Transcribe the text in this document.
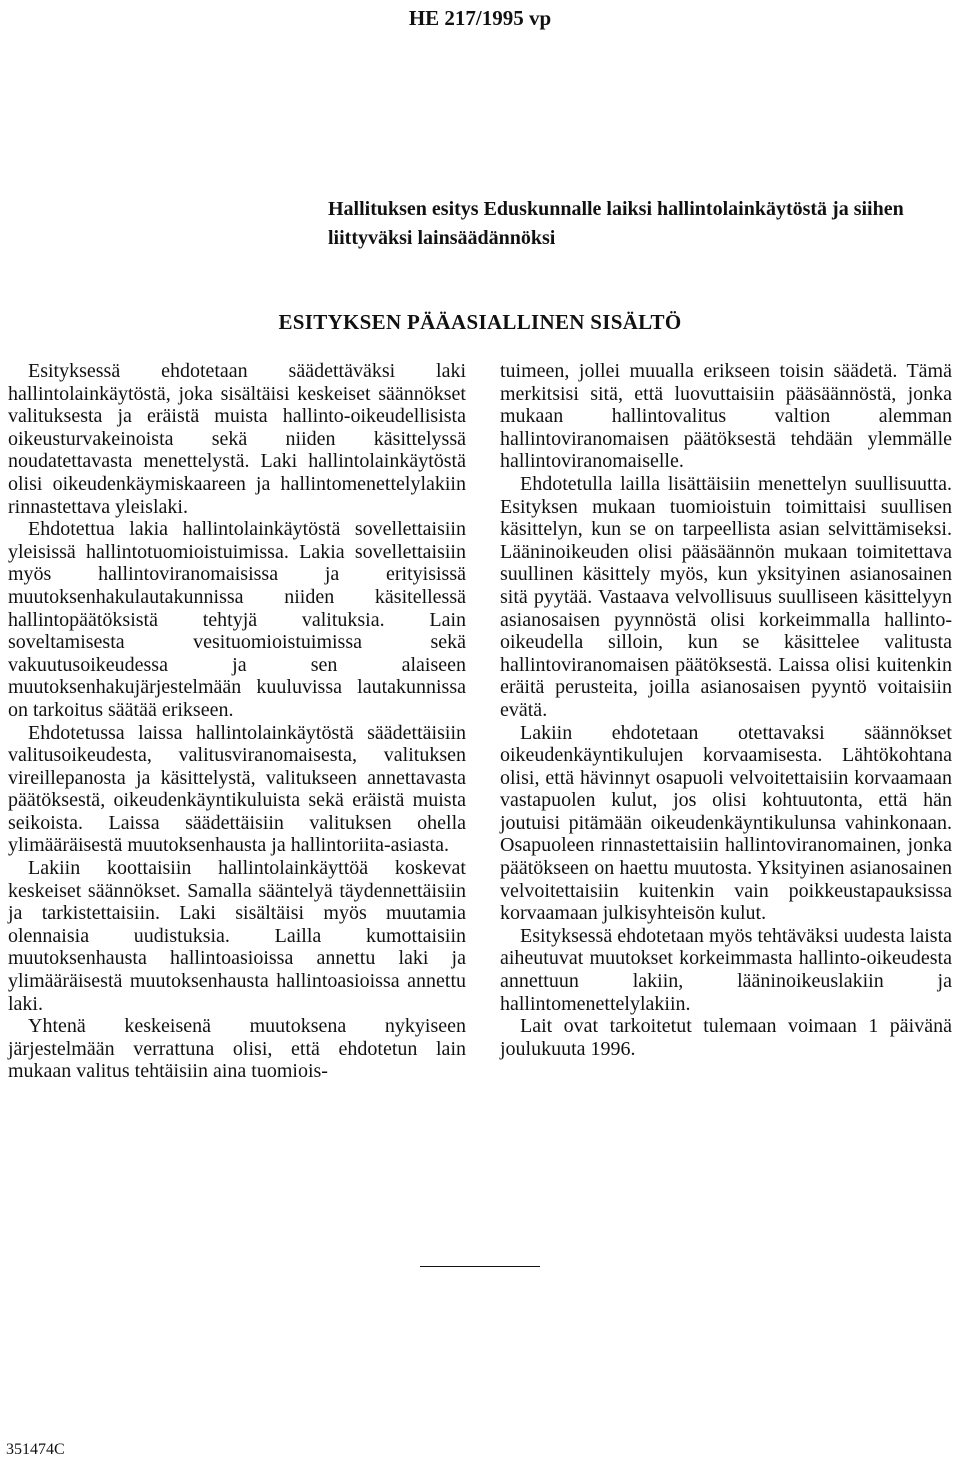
HE 217/1995 vp
Hallituksen esitys Eduskunnalle laiksi hallintolainkäytöstä ja siihen liittyväksi lainsäädännöksi
ESITYKSEN PÄÄASIALLINEN SISÄLTÖ

Esityksessä ehdotetaan säädettäväksi laki hallintolainkäytöstä, joka sisältäisi keskeiset säännökset valituksesta ja eräistä muista hallinto-oikeudellisista oikeusturvakeinoista sekä niiden käsittelyssä noudatettavasta menettelystä. Laki hallintolainkäytöstä olisi oikeudenkäymiskaareen ja hallintomenettelylakiin rinnastettava yleislaki.

Ehdotettua lakia hallintolainkäytöstä sovellettaisiin yleisissä hallintotuomioistuimissa. Lakia sovellettaisiin myös hallintoviranomaisissa ja erityisissä muutoksenhakulautakunnissa niiden käsitellessä hallintopäätöksistä tehtyjä valituksia. Lain soveltamisesta vesituomioistuimissa sekä vakuutusoikeudessa ja sen alaiseen muutoksenhakujärjestelmään kuuluvissa lautakunnissa on tarkoitus säätää erikseen.

Ehdotetussa laissa hallintolainkäytöstä säädettäisiin valitusoikeudesta, valitusviranomaisesta, valituksen vireillepanosta ja käsittelystä, valitukseen annettavasta päätöksestä, oikeudenkäyntikuluista sekä eräistä muista seikoista. Laissa säädettäisiin valituksen ohella ylimääräisestä muutoksenhausta ja hallintoriita-asiasta.

Lakiin koottaisiin hallintolainkäyttöä koskevat keskeiset säännökset. Samalla sääntelyä täydennettäisiin ja tarkistettaisiin. Laki sisältäisi myös muutamia olennaisia uudistuksia. Lailla kumottaisiin muutoksenhausta hallintoasioissa annettu laki ja ylimääräisestä muutoksenhausta hallintoasioissa annettu laki.

Yhtenä keskeisenä muutoksena nykyiseen järjestelmään verrattuna olisi, että ehdotetun lain mukaan valitus tehtäisiin aina tuomiois-

tuimeen, jollei muualla erikseen toisin säädetä. Tämä merkitsisi sitä, että luovuttaisiin pääsäännöstä, jonka mukaan hallintovalitus valtion alemman hallintoviranomaisen päätöksestä tehdään ylemmälle hallintoviranomaiselle.

Ehdotetulla lailla lisättäisiin menettelyn suullisuutta. Esityksen mukaan tuomioistuin toimittaisi suullisen käsittelyn, kun se on tarpeellista asian selvittämiseksi. Lääninoikeuden olisi pääsäännön mukaan toimitettava suullinen käsittely myös, kun yksityinen asianosainen sitä pyytää. Vastaava velvollisuus suulliseen käsittelyyn asianosaisen pyynnöstä olisi korkeimmalla hallinto-oikeudella silloin, kun se käsittelee valitusta hallintoviranomaisen päätöksestä. Laissa olisi kuitenkin eräitä perusteita, joilla asianosaisen pyyntö voitaisiin evätä.

Lakiin ehdotetaan otettavaksi säännökset oikeudenkäyntikulujen korvaamisesta. Lähtökohtana olisi, että hävinnyt osapuoli velvoitettaisiin korvaamaan vastapuolen kulut, jos olisi kohtuutonta, että hän joutuisi pitämään oikeudenkäyntikulunsa vahinkonaan. Osapuoleen rinnastettaisiin hallintoviranomainen, jonka päätökseen on haettu muutosta. Yksityinen asianosainen velvoitettaisiin kuitenkin vain poikkeustapauksissa korvaamaan julkisyhteisön kulut.

Esityksessä ehdotetaan myös tehtäväksi uudesta laista aiheutuvat muutokset korkeimmasta hallinto-oikeudesta annettuun lakiin, lääninoikeuslakiin ja hallintomenettelylakiin.

Lait ovat tarkoitetut tulemaan voimaan 1 päivänä joulukuuta 1996.

351474C
